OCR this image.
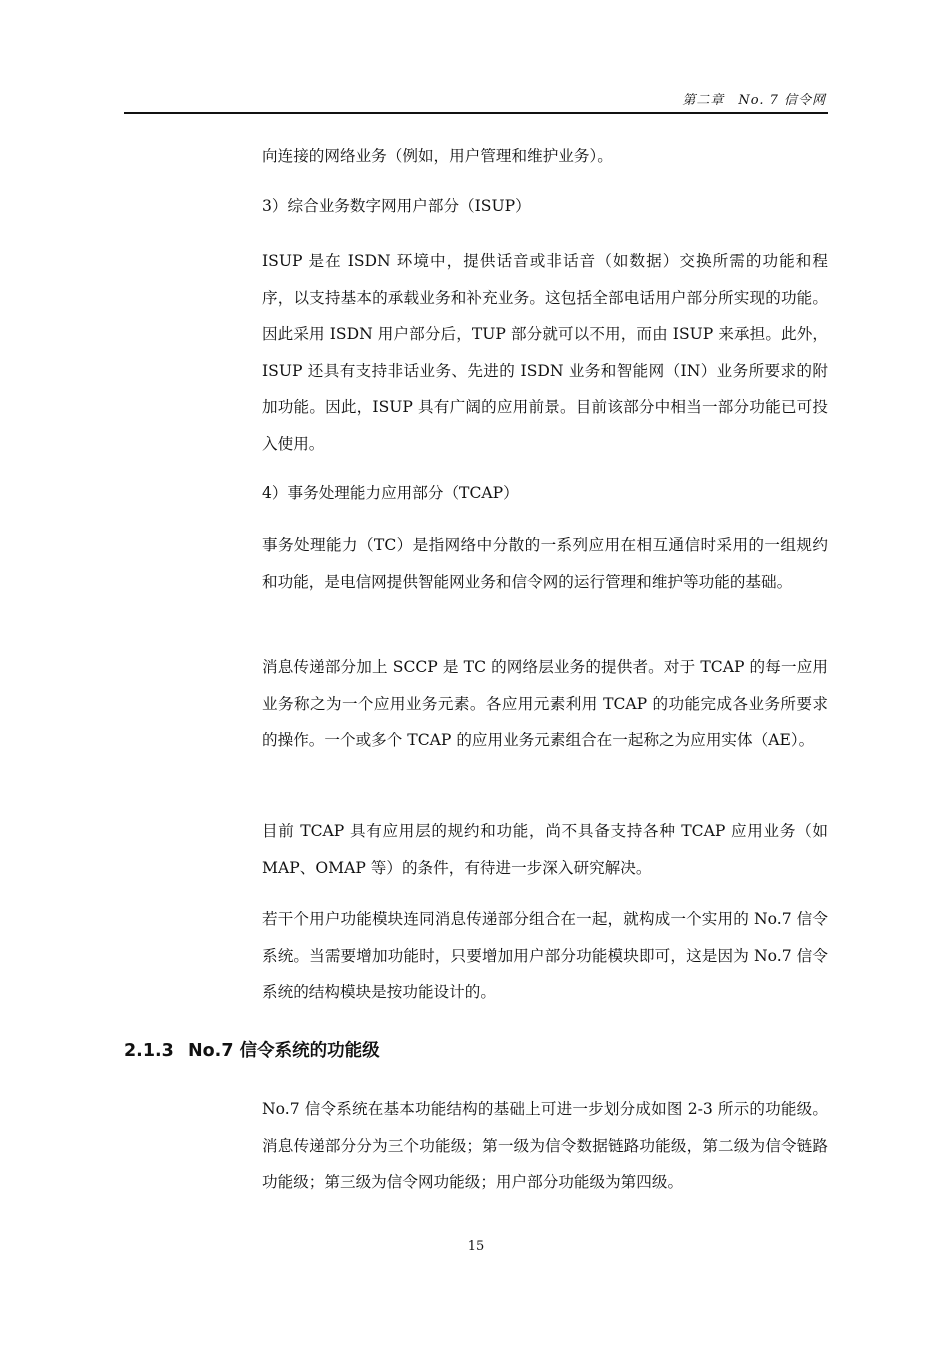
第二章　No. 7 信令网

向连接的网络业务（例如，用户管理和维护业务）。

3）综合业务数字网用户部分（ISUP）

ISUP 是在 ISDN 环境中，提供话音或非话音（如数据）交换所需的功能和程序，以支持基本的承载业务和补充业务。这包括全部电话用户部分所实现的功能。因此采用 ISDN 用户部分后，TUP 部分就可以不用，而由 ISUP 来承担。此外，ISUP 还具有支持非话业务、先进的 ISDN 业务和智能网（IN）业务所要求的附加功能。因此，ISUP 具有广阔的应用前景。目前该部分中相当一部分功能已可投入使用。

4）事务处理能力应用部分（TCAP）

事务处理能力（TC）是指网络中分散的一系列应用在相互通信时采用的一组规约和功能，是电信网提供智能网业务和信令网的运行管理和维护等功能的基础。

消息传递部分加上 SCCP 是 TC 的网络层业务的提供者。对于 TCAP 的每一应用业务称之为一个应用业务元素。各应用元素利用 TCAP 的功能完成各业务所要求的操作。一个或多个 TCAP 的应用业务元素组合在一起称之为应用实体（AE）。

目前 TCAP 具有应用层的规约和功能，尚不具备支持各种 TCAP 应用业务（如 MAP、OMAP 等）的条件，有待进一步深入研究解决。

若干个用户功能模块连同消息传递部分组合在一起，就构成一个实用的 No.7 信令系统。当需要增加功能时，只要增加用户部分功能模块即可，这是因为 No.7 信令系统的结构模块是按功能设计的。

2.1.3 No.7 信令系统的功能级

No.7 信令系统在基本功能结构的基础上可进一步划分成如图 2-3 所示的功能级。消息传递部分分为三个功能级；第一级为信令数据链路功能级，第二级为信令链路功能级；第三级为信令网功能级；用户部分功能级为第四级。

15
